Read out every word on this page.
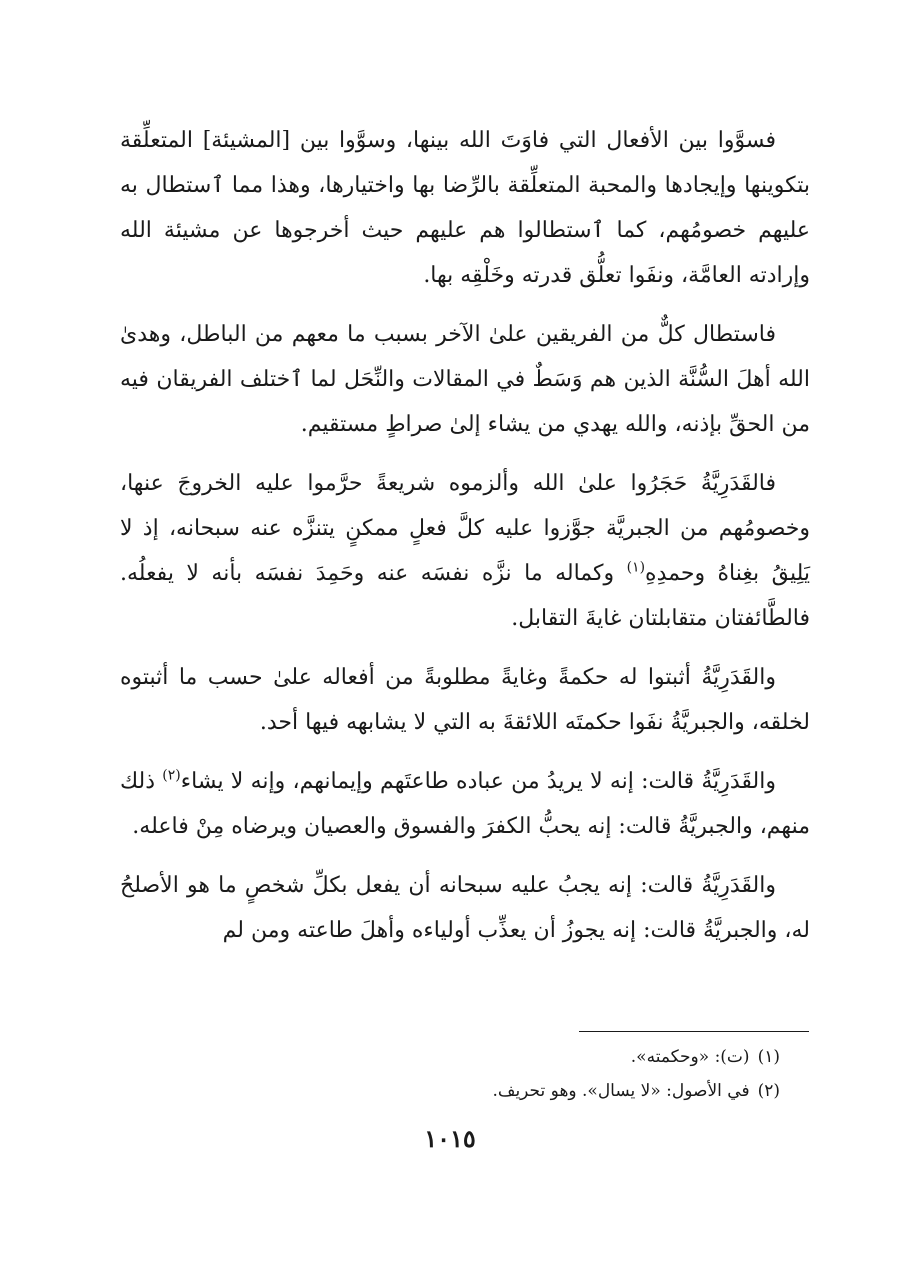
فسوَّوا بين الأفعال التي فاوَتَ الله بينها، وسوَّوا بين [المشيئة] المتعلِّقة بتكوينها وإيجادها والمحبة المتعلِّقة بالرِّضا بها واختيارها، وهذا مما ٱستطال به عليهم خصومُهم، كما ٱستطالوا هم عليهم حيث أخرجوها عن مشيئة الله وإرادته العامَّة، ونفَوا تعلُّق قدرته وخَلْقِه بها.

فاستطال كلٌّ من الفريقين علىٰ الآخر بسبب ما معهم من الباطل، وهدىٰ الله أهلَ السُّنَّة الذين هم وَسَطٌ في المقالات والنِّحَل لما ٱختلف الفريقان فيه من الحقِّ بإذنه، والله يهدي من يشاء إلىٰ صراطٍ مستقيم.

فالقَدَرِيَّةُ حَجَرُوا علىٰ الله وألزموه شريعةً حرَّموا عليه الخروجَ عنها، وخصومُهم من الجبريَّة جوَّزوا عليه كلَّ فعلٍ ممكنٍ يتنزَّه عنه سبحانه، إذ لا يَلِيقُ بغِناهُ وحمدِهِ$^{(١)}$ وكماله ما نزَّه نفسَه عنه وحَمِدَ نفسَه بأنه لا يفعلُه. فالطَّائفتان متقابلتان غايةَ التقابل.

والقَدَرِيَّةُ أثبتوا له حكمةً وغايةً مطلوبةً من أفعاله علىٰ حسب ما أثبتوه لخلقه، والجبريَّةُ نفَوا حكمتَه اللائقةَ به التي لا يشابهه فيها أحد.

والقَدَرِيَّةُ قالت: إنه لا يريدُ من عباده طاعتَهم وإيمانهم، وإنه لا يشاء$^{(٢)}$ ذلك منهم، والجبريَّةُ قالت: إنه يحبُّ الكفرَ والفسوق والعصيان ويرضاه مِنْ فاعله.

والقَدَرِيَّةُ قالت: إنه يجبُ عليه سبحانه أن يفعل بكلِّ شخصٍ ما هو الأصلحُ له، والجبريَّةُ قالت: إنه يجوزُ أن يعذِّب أولياءه وأهلَ طاعته ومن لم

(١)(ت): «وحكمته».

(٢)في الأصول: «لا يسال». وهو تحريف.

١٠١٥
